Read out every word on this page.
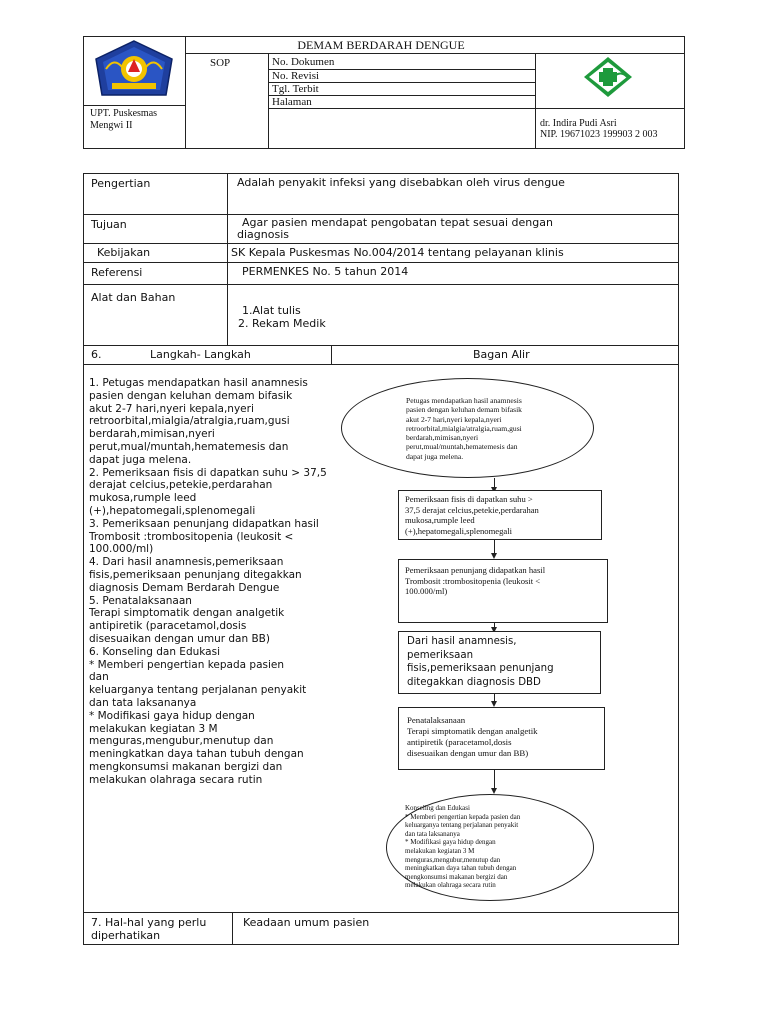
DEMAM BERDARAH DENGUE
SOP	No. Dokumen
No. Revisi
Tgl. Terbit
Halaman
UPT. Puskesmas
Mengwi II	dr. Indira Pudi Asri
NIP. 19671023 199903 2 003
Pengertian	Adalah penyakit infeksi yang disebabkan oleh virus dengue
Tujuan	Agar pasien mendapat pengobatan tepat sesuai dengan diagnosis
Kebijakan	SK Kepala Puskesmas No.004/2014 tentang pelayanan klinis
Referensi	PERMENKES No. 5 tahun 2014
Alat dan Bahan
1.Alat tulis
2. Rekam Medik
6.	Langkah- Langkah	Bagan Alir
1. Petugas mendapatkan hasil anamnesis
pasien dengan keluhan demam bifasik
akut 2-7 hari,nyeri kepala,nyeri
retroorbital,mialgia/atralgia,ruam,gusi
berdarah,mimisan,nyeri
perut,mual/muntah,hematemesis dan
dapat juga melena.
2. Pemeriksaan fisis di dapatkan suhu > 37,5
derajat celcius,petekie,perdarahan
mukosa,rumple leed
(+),hepatomegali,splenomegali
3. Pemeriksaan penunjang didapatkan hasil
Trombosit :trombositopenia (leukosit <
100.000/ml)
4. Dari hasil anamnesis,pemeriksaan
fisis,pemeriksaan penunjang ditegakkan
diagnosis Demam Berdarah Dengue
5. Penatalaksanaan
Terapi simptomatik dengan analgetik
antipiretik (paracetamol,dosis
disesuaikan dengan umur dan BB)
6. Konseling dan Edukasi
* Memberi pengertian kepada pasien
dan
keluarganya tentang perjalanan penyakit
dan tata laksananya
* Modifikasi gaya hidup dengan
melakukan kegiatan 3 M
menguras,mengubur,menutup dan
meningkatkan daya tahan tubuh dengan
mengkonsumsi makanan bergizi dan
melakukan olahraga secara rutin
Petugas mendapatkan hasil anamnesis
pasien dengan keluhan demam bifasik
akut 2-7 hari,nyeri kepala,nyeri
retroorbital,mialgia/atralgia,ruam,gusi
berdarah,mimisan,nyeri
perut,mual/muntah,hematemesis dan
dapat juga melena.
Pemeriksaan fisis di dapatkan suhu >
37,5 derajat celcius,petekie,perdarahan
mukosa,rumple leed
(+),hepatomegali,splenomegali
Pemeriksaan penunjang didapatkan hasil
Trombosit :trombositopenia (leukosit <
100.000/ml)
Dari hasil anamnesis,
pemeriksaan
fisis,pemeriksaan penunjang
ditegakkan diagnosis DBD
Penatalaksanaan
Terapi simptomatik dengan analgetik
antipiretik (paracetamol,dosis
disesuaikan dengan umur dan BB)
Konseling dan Edukasi
* Memberi pengertian kepada pasien dan
keluarganya tentang perjalanan penyakit
dan tata laksananya
* Modifikasi gaya hidup dengan
melakukan kegiatan 3 M
menguras,mengubur,menutup dan
meningkatkan daya tahan tubuh dengan
mengkonsumsi makanan bergizi dan
melakukan olahraga secara rutin
7. Hal-hal yang perlu
diperhatikan
Keadaan umum pasien
